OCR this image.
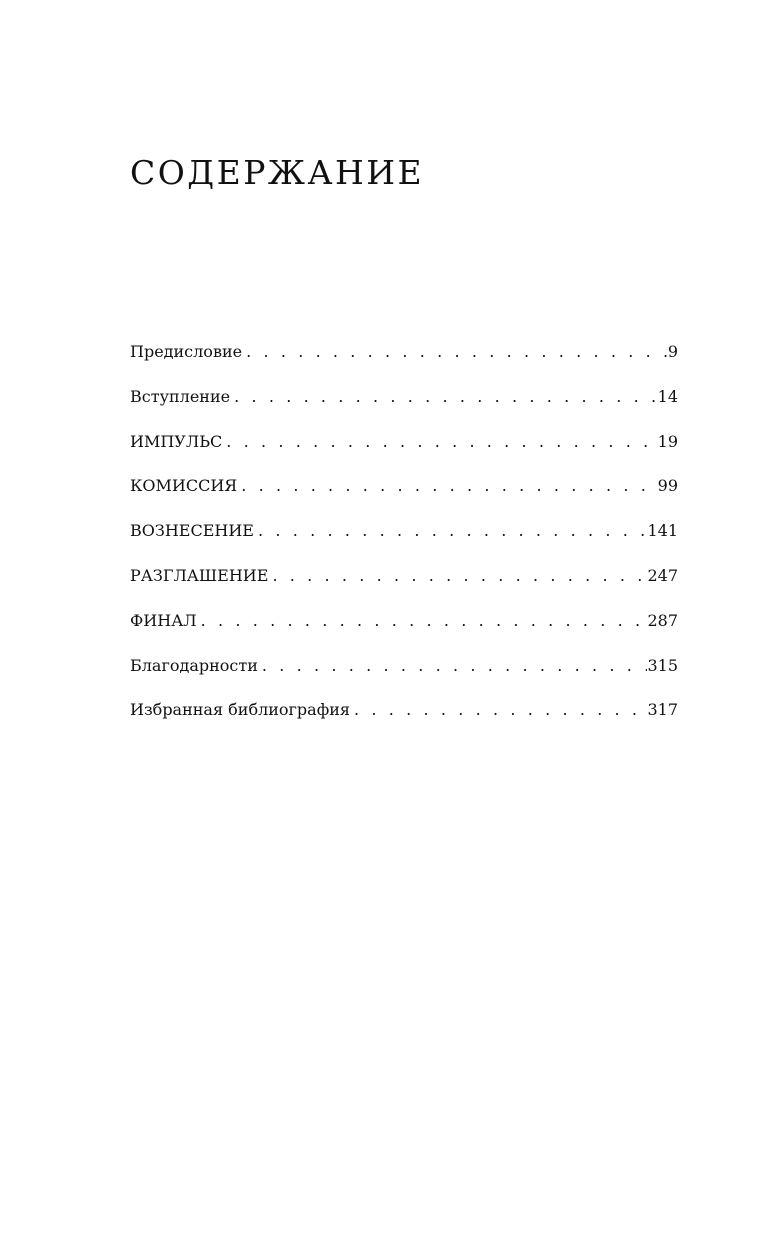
СОДЕРЖАНИЕ
Предисловие . . .	9
Вступление . . .	14
ИМПУЛЬС . . .	19
КОМИССИЯ . . .	99
ВОЗНЕСЕНИЕ . . .	141
РАЗГЛАШЕНИЕ . . .	247
ФИНАЛ . . .	287
Благодарности . . .	315
Избранная библиография . . .	317
